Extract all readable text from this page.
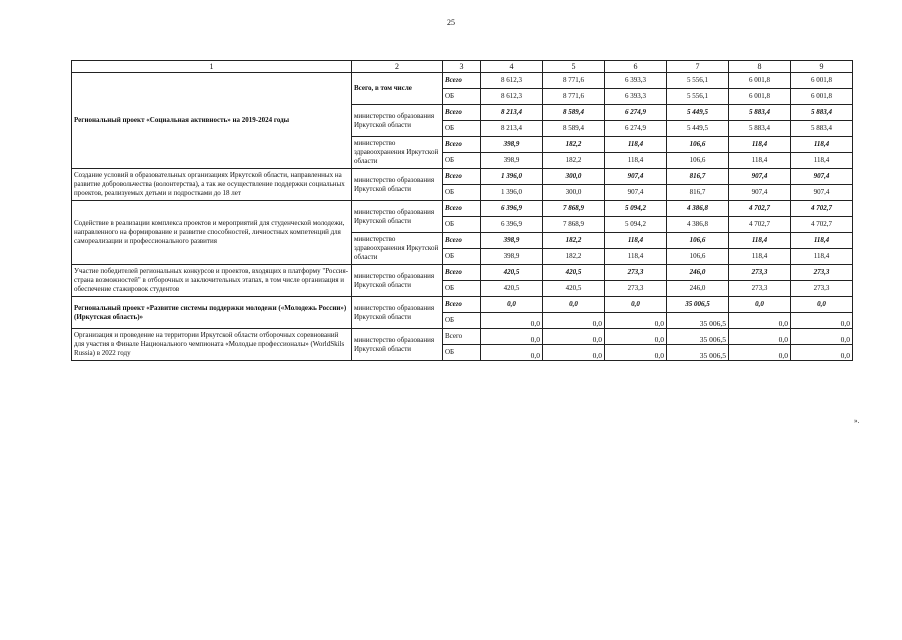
25
1	2	3	4	5	6	7	8	9
Региональный проект «Социальная активность» на 2019-2024 годы	Всего, в том числе	Всего	8 612,3	8 771,6	6 393,3	5 556,1	6 001,8	6 001,8
		ОБ	8 612,3	8 771,6	6 393,3	5 556,1	6 001,8	6 001,8
	министерство образования Иркутской области	Всего	8 213,4	8 589,4	6 274,9	5 449,5	5 883,4	5 883,4
		ОБ	8 213,4	8 589,4	6 274,9	5 449,5	5 883,4	5 883,4
	министерство здравоохранения Иркутской области	Всего	398,9	182,2	118,4	106,6	118,4	118,4
		ОБ	398,9	182,2	118,4	106,6	118,4	118,4
Создание условий в образовательных организациях Иркутской области, направленных на развитие добровольчества (волонтерства), а так же осуществление поддержки социальных проектов, реализуемых детьми и подростками до 18 лет	министерство образования Иркутской области	Всего	1 396,0	300,0	907,4	816,7	907,4	907,4
		ОБ	1 396,0	300,0	907,4	816,7	907,4	907,4
Содействие в реализации комплекса проектов и мероприятий для студенческой молодежи, направленного на формирование и развитие способностей, личностных компетенций для самореализации и профессионального развития	министерство образования Иркутской области	Всего	6 396,9	7 868,9	5 094,2	4 386,8	4 702,7	4 702,7
		ОБ	6 396,9	7 868,9	5 094,2	4 386,8	4 702,7	4 702,7
	министерство здравоохранения Иркутской области	Всего	398,9	182,2	118,4	106,6	118,4	118,4
		ОБ	398,9	182,2	118,4	106,6	118,4	118,4
Участие победителей региональных конкурсов и проектов, входящих в платформу "Россия- страна возможностей" в отборочных и заключительных этапах, в том числе организация и обеспечение стажировок студентов	министерство образования Иркутской области	Всего	420,5	420,5	273,3	246,0	273,3	273,3
		ОБ	420,5	420,5	273,3	246,0	273,3	273,3
Региональный проект «Развитие системы поддержки молодежи («Молодежь России») (Иркутская область)»	министерство образования Иркутской области	Всего	0,0	0,0	0,0	35 006,5	0,0	0,0
		ОБ	0,0	0,0	0,0	35 006,5	0,0	0,0
Организация и проведение на территории Иркутской области отборочных соревнований для участия в Финале Национального чемпионата «Молодые профессионалы» (WorldSkils Russia) в 2022 году	министерство образования Иркутской области	Всего	0,0	0,0	0,0	35 006,5	0,0	0,0
		ОБ	0,0	0,0	0,0	35 006,5	0,0	0,0
».
